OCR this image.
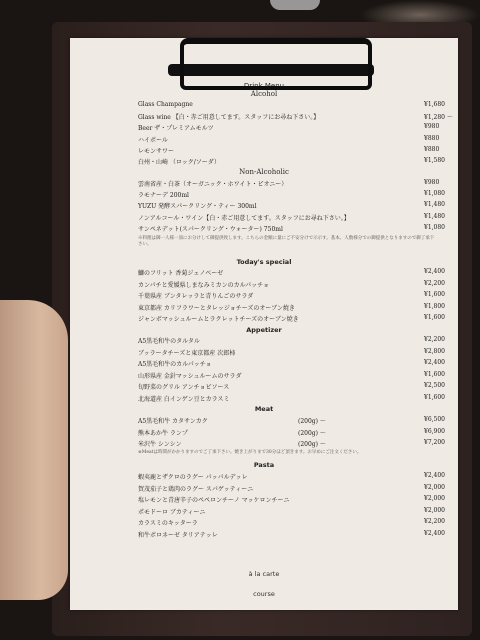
Drink Menu
Alcohol
Glass Champagne	¥1,680
Glass wine 【白・赤ご用意してます。スタッフにお尋ね下さい。】	¥1,280 ～
Beer ザ・プレミアムモルツ	¥980
ハイボール	¥880
レモンサワー	¥880
白州・山崎 （ロック/ソーダ）	¥1,580
Non-Alcoholic
雲南省産・白茶（オーガニック・ホワイト・ピオニー）	¥980
ラモナーデ 200ml	¥1,080
YUZU 発酵スパークリング・ティー 300ml	¥1,480
ノンアルコール・ワイン【白・赤ご用意してます。スタッフにお尋ね下さい。】	¥1,480
サンペネデット(スパークリング・ウォーター) 750ml	¥1,080
※料理は御一人様一皿にお分けして御提供致します。こちらの金額に量にご不安分けで示示す。基本、人数様分での御提供となりますので御了承下さい。
Today's special
鰤のフリット 香菊ジェノベーゼ	¥2,400
カンパチと愛媛県しまなみミカンのカルパッチョ	¥2,200
千葉県産 ブンタレッラと青りんごのサラダ	¥1,600
東京都産 カリフラワーとタレッジョチーズのオーブン焼き	¥1,800
ジャンボマッシュルームとラクレットチーズのオーブン焼き	¥1,600
Appetizer
A5黒毛和牛のタルタル	¥2,200
ブッラータチーズと東京都産 次郎柿	¥2,800
A5黒毛和牛のカルパッチョ	¥2,400
山形県産 金針マッシュルームのサラダ	¥1,600
旬野菜のグリル アンチョビソース	¥2,500
北海道産 白インゲン豆とカラスミ	¥1,600
Meat
A5黒毛和牛 カタサンカク	(200g) ～	¥6,500
熊本あか牛 ランプ	(200g) ～	¥6,900
米沢牛 シンシン	(200g) ～	¥7,200
※Meatは時間がかかりますのでご了承下さい。焼き上がりまで30分ほど頂きます。お早めにご注文ください。
Pasta
蝦夷鹿とザクロのラグー パッパルデッレ	¥2,400
賀茂茄子と鶏肉のラグー スパゲッティーニ	¥2,000
塩レモンと青唐辛子のペペロンチーノ マッケロンチーニ	¥2,000
ポモドーロ ブカティーニ	¥2,000
カラスミのキッターラ	¥2,200
和牛ボロネーゼ タリアテッレ	¥2,400
à la carte
course
